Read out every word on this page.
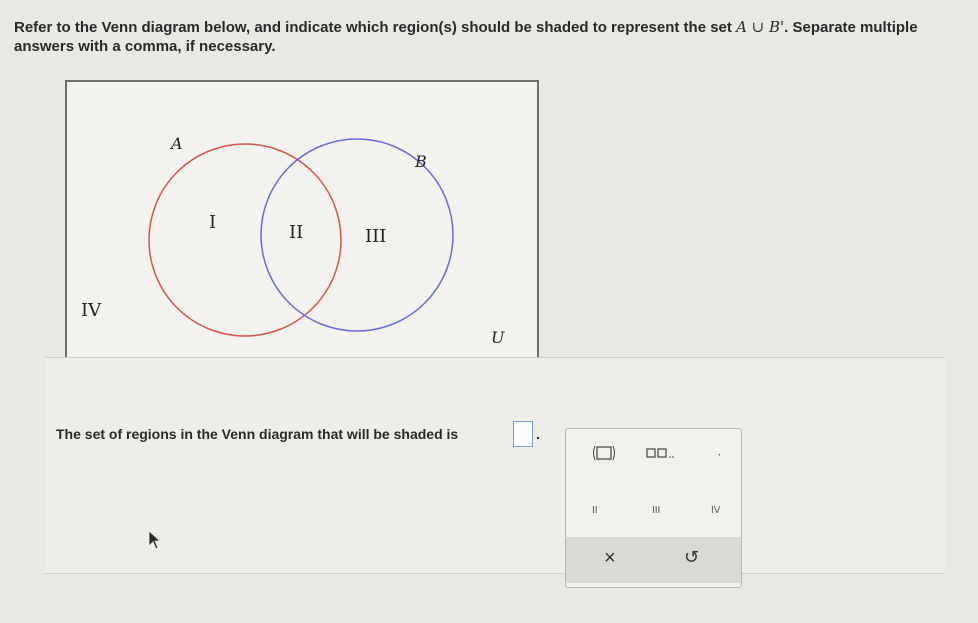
Refer to the Venn diagram below, and indicate which region(s) should be shaded to represent the set A ∪ B'. Separate multiple answers with a comma, if necessary.
A
B
I	II	III
IV
U
The set of regions in the Venn diagram that will be shaded is	.
,
II	III	IV
×	↺
